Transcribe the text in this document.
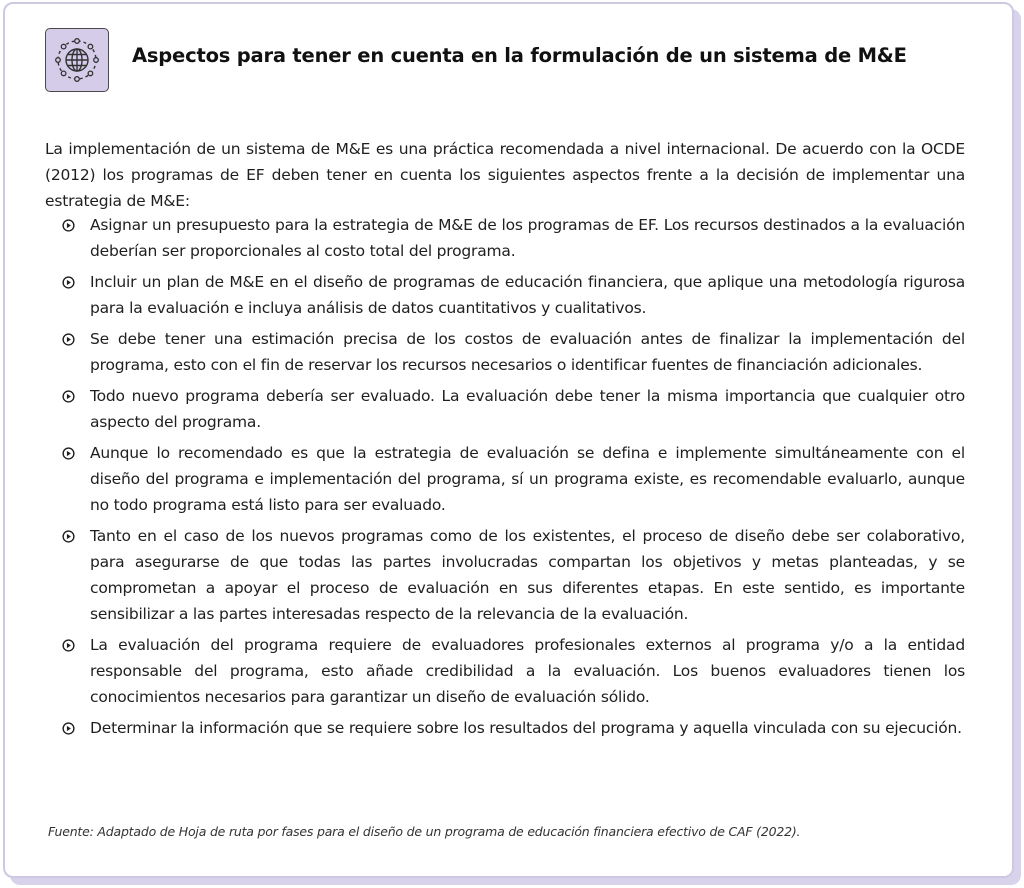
Aspectos para tener en cuenta en la formulación de un sistema de M&E

La implementación de un sistema de M&E es una práctica recomendada a nivel internacional. De acuerdo con la OCDE (2012) los programas de EF deben tener en cuenta los siguientes aspectos frente a la decisión de implementar una estrategia de M&E:

Asignar un presupuesto para la estrategia de M&E de los programas de EF. Los recursos destinados a la evaluación deberían ser proporcionales al costo total del programa.
Incluir un plan de M&E en el diseño de programas de educación financiera, que aplique una metodología rigurosa para la evaluación e incluya análisis de datos cuantitativos y cualitativos.
Se debe tener una estimación precisa de los costos de evaluación antes de finalizar la implementación del programa, esto con el fin de reservar los recursos necesarios o identificar fuentes de financiación adicionales.
Todo nuevo programa debería ser evaluado. La evaluación debe tener la misma importancia que cualquier otro aspecto del programa.
Aunque lo recomendado es que la estrategia de evaluación se defina e implemente simultáneamente con el diseño del programa e implementación del programa, sí un programa existe, es recomendable evaluarlo, aunque no todo programa está listo para ser evaluado.
Tanto en el caso de los nuevos programas como de los existentes, el proceso de diseño debe ser colaborativo, para asegurarse de que todas las partes involucradas compartan los objetivos y metas planteadas, y se comprometan a apoyar el proceso de evaluación en sus diferentes etapas. En este sentido, es importante sensibilizar a las partes interesadas respecto de la relevancia de la evaluación.
La evaluación del programa requiere de evaluadores profesionales externos al programa y/o a la entidad responsable del programa, esto añade credibilidad a la evaluación. Los buenos evaluadores tienen los conocimientos necesarios para garantizar un diseño de evaluación sólido.
Determinar la información que se requiere sobre los resultados del programa y aquella vinculada con su ejecución.
Fuente: Adaptado de Hoja de ruta por fases para el diseño de un programa de educación financiera efectivo de CAF (2022).
